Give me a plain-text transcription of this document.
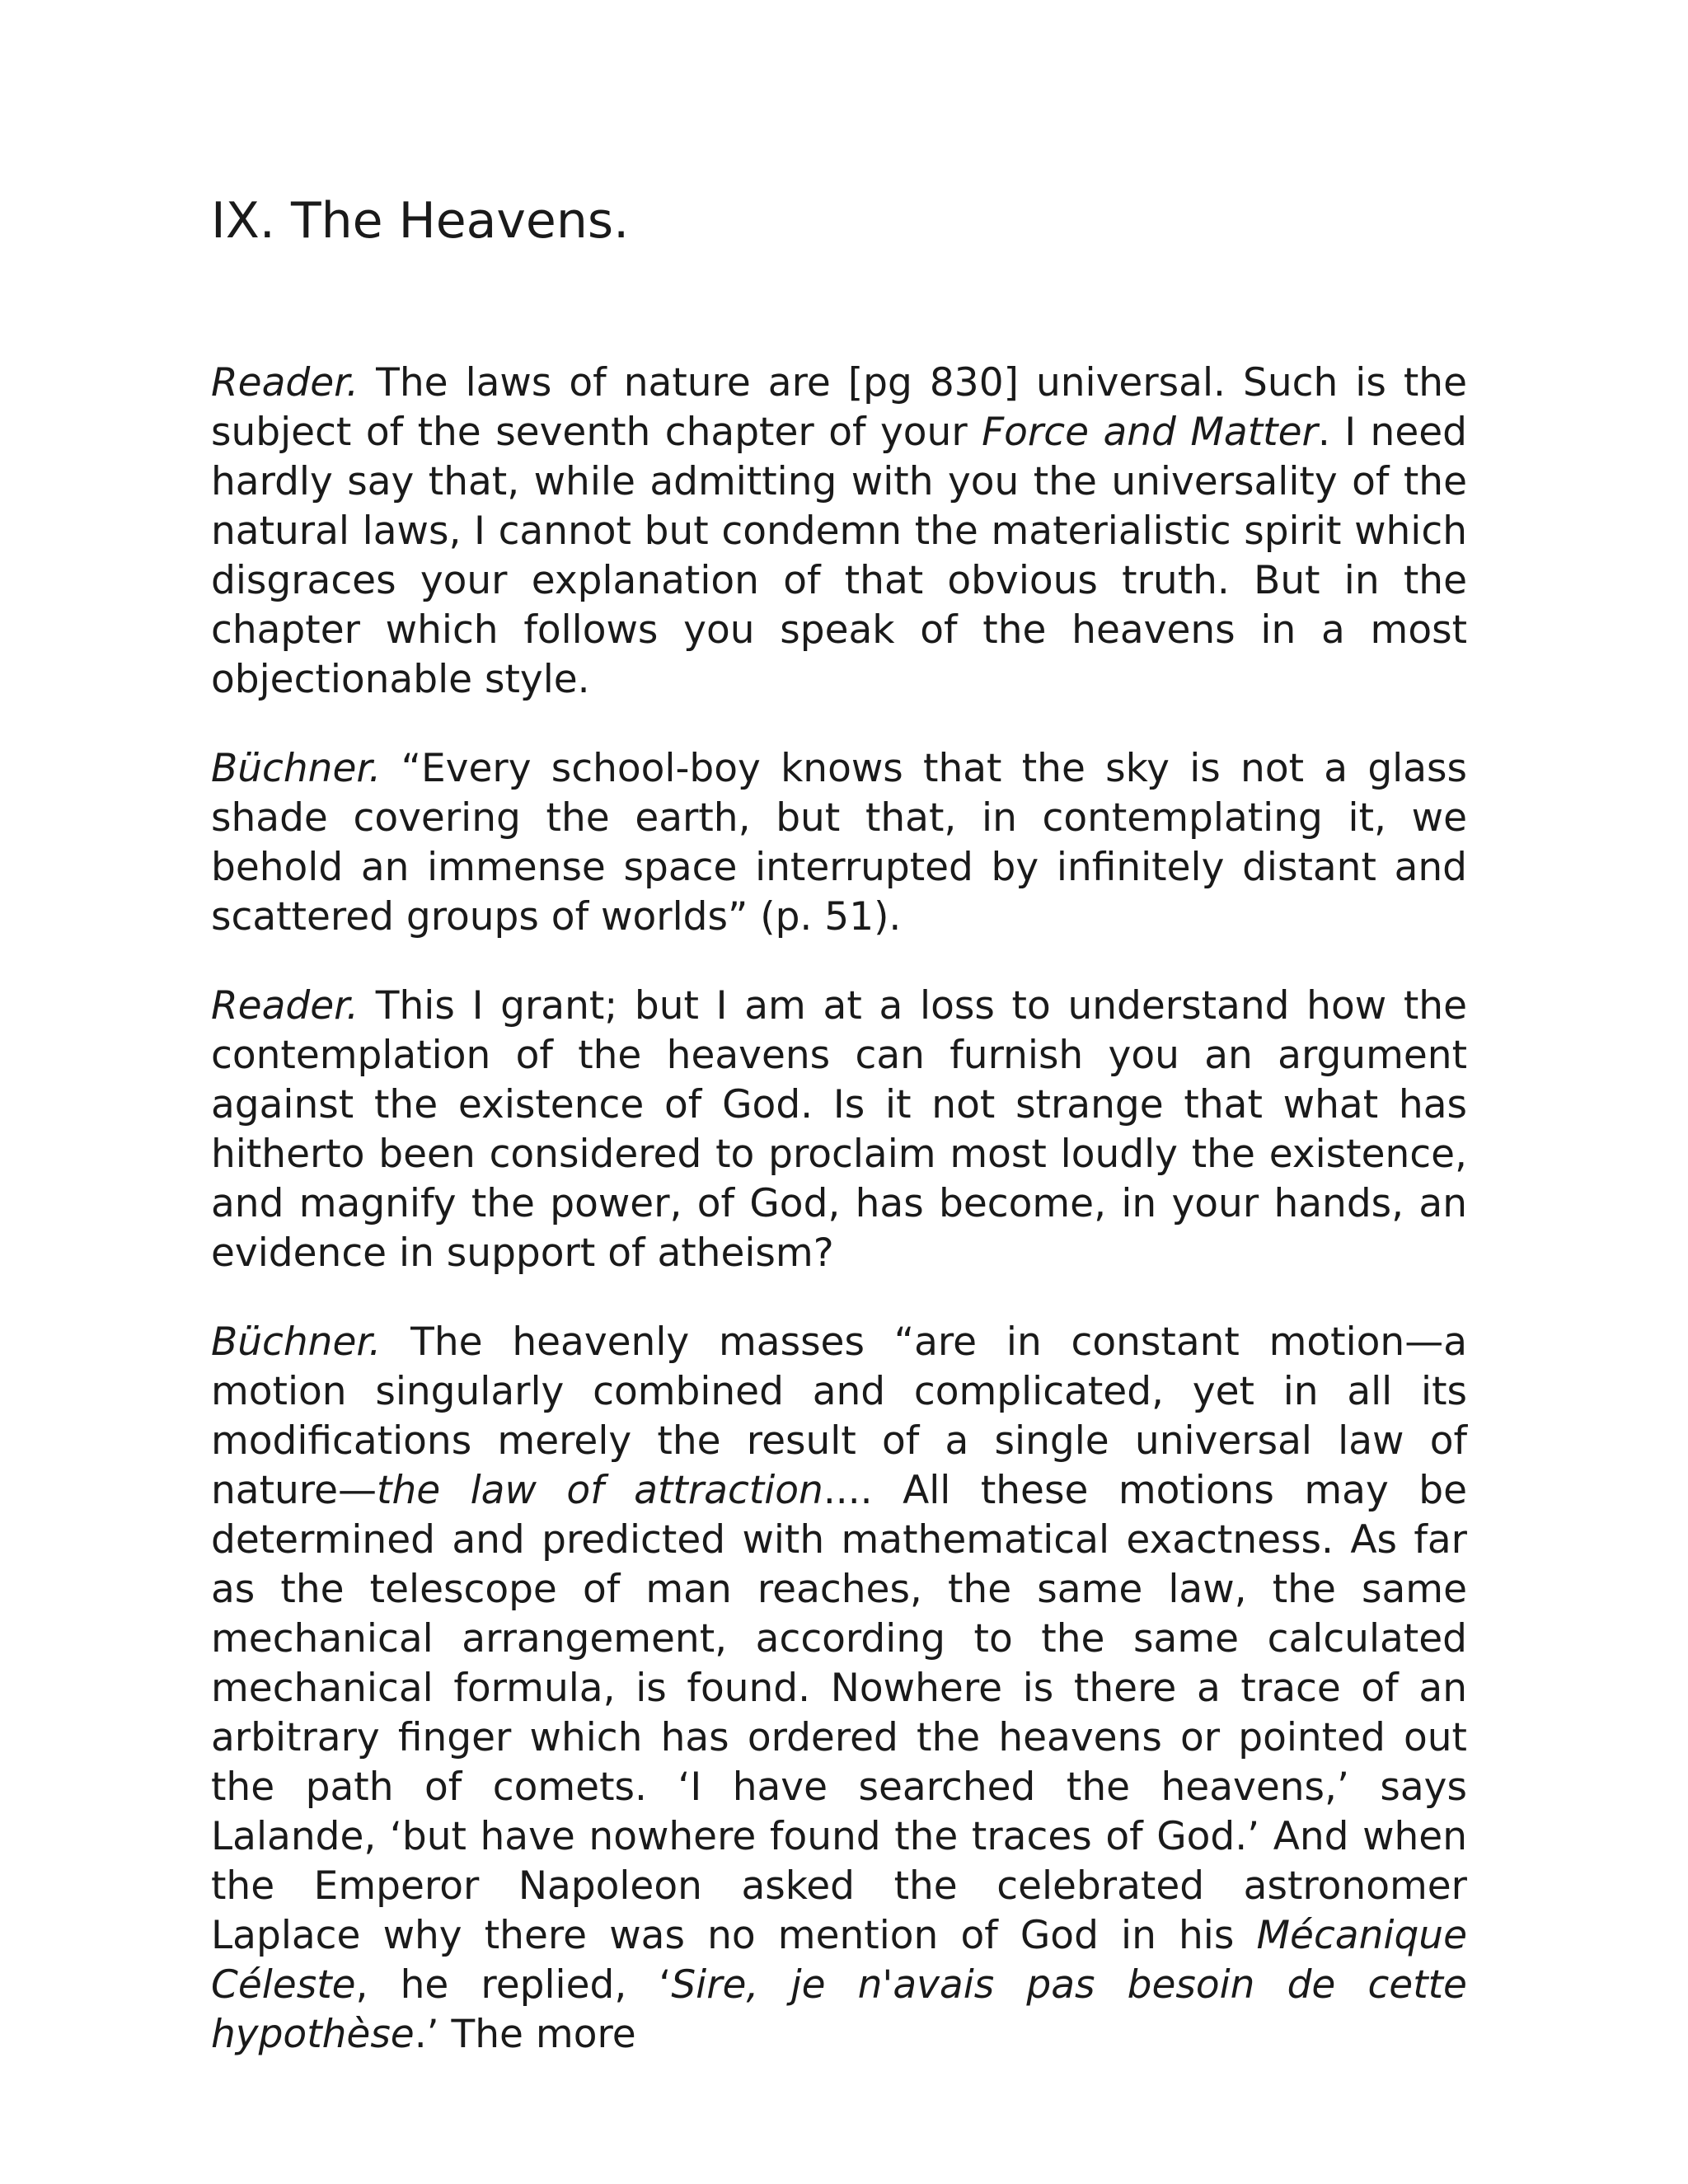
IX. The Heavens.

Reader. The laws of nature are [pg 830] universal. Such is the subject of the seventh chapter of your Force and Matter. I need hardly say that, while admitting with you the universality of the natural laws, I cannot but condemn the materialistic spirit which disgraces your explanation of that obvious truth. But in the chapter which follows you speak of the heavens in a most objectionable style.

Büchner. “Every school-boy knows that the sky is not a glass shade covering the earth, but that, in contemplating it, we behold an immense space interrupted by infinitely distant and scattered groups of worlds” (p. 51).

Reader. This I grant; but I am at a loss to understand how the contemplation of the heavens can furnish you an argument against the existence of God. Is it not strange that what has hitherto been considered to proclaim most loudly the existence, and magnify the power, of God, has become, in your hands, an evidence in support of atheism?

Büchner. The heavenly masses “are in constant motion—a motion singularly combined and complicated, yet in all its modifications merely the result of a single universal law of nature—the law of attraction.... All these motions may be determined and predicted with mathematical exactness. As far as the telescope of man reaches, the same law, the same mechanical arrangement, according to the same calculated mechanical formula, is found. Nowhere is there a trace of an arbitrary finger which has ordered the heavens or pointed out the path of comets. ‘I have searched the heavens,’ says Lalande, ‘but have nowhere found the traces of God.’ And when the Emperor Napoleon asked the celebrated astronomer Laplace why there was no mention of God in his Mécanique Céleste, he replied, ‘Sire, je n'avais pas besoin de cette hypothèse.’ The more
